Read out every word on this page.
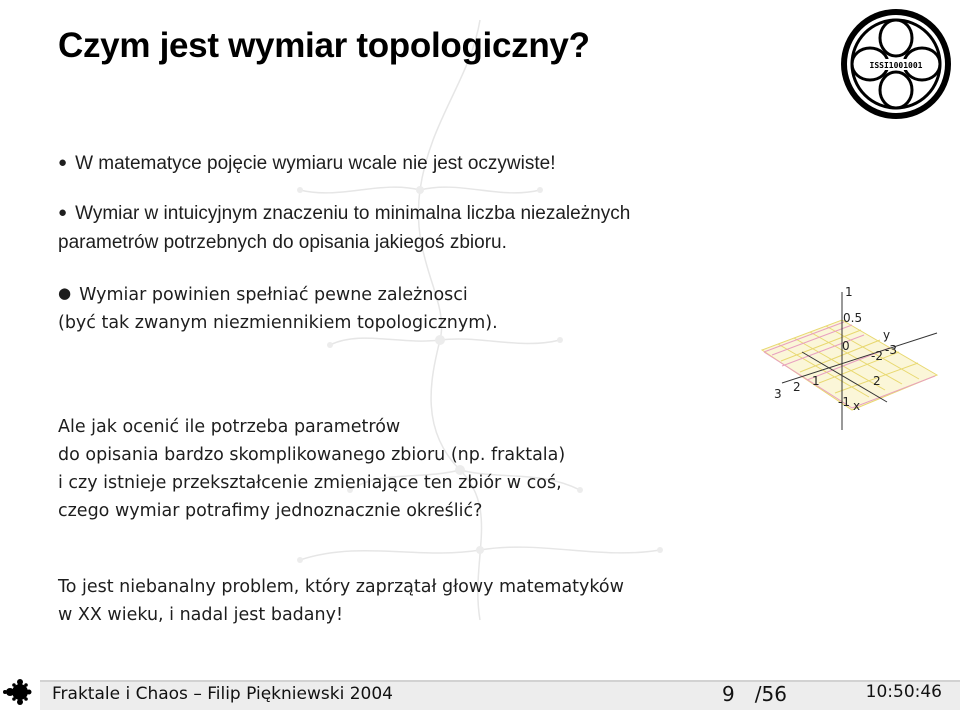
Czym jest wymiar topologiczny?
ISSI1001001
● W matematyce pojęcie wymiaru wcale nie jest oczywiste!
● Wymiar w intuicyjnym znaczeniu to minimalna liczba niezależnych
parametrów potrzebnych do opisania jakiegoś zbioru.
● Wymiar powinien spełniać pewne zależnosci
(być tak zwanym niezmiennikiem topologicznym).
Ale jak ocenić ile potrzeba parametrów
do opisania bardzo skomplikowanego zbioru (np. fraktala)
i czy istnieje przekształcenie zmieniające ten zbiór w coś,
czego wymiar potrafimy jednoznacznie określić?
To jest niebanalny problem, który zaprzątał głowy matematyków
w XX wieku, i nadal jest badany!
1
0.5
0
y
-2 -3
3 2 1	2
-1 x
Fraktale i Chaos – Filip Piękniewski 2004	9 /56	10:50:46
